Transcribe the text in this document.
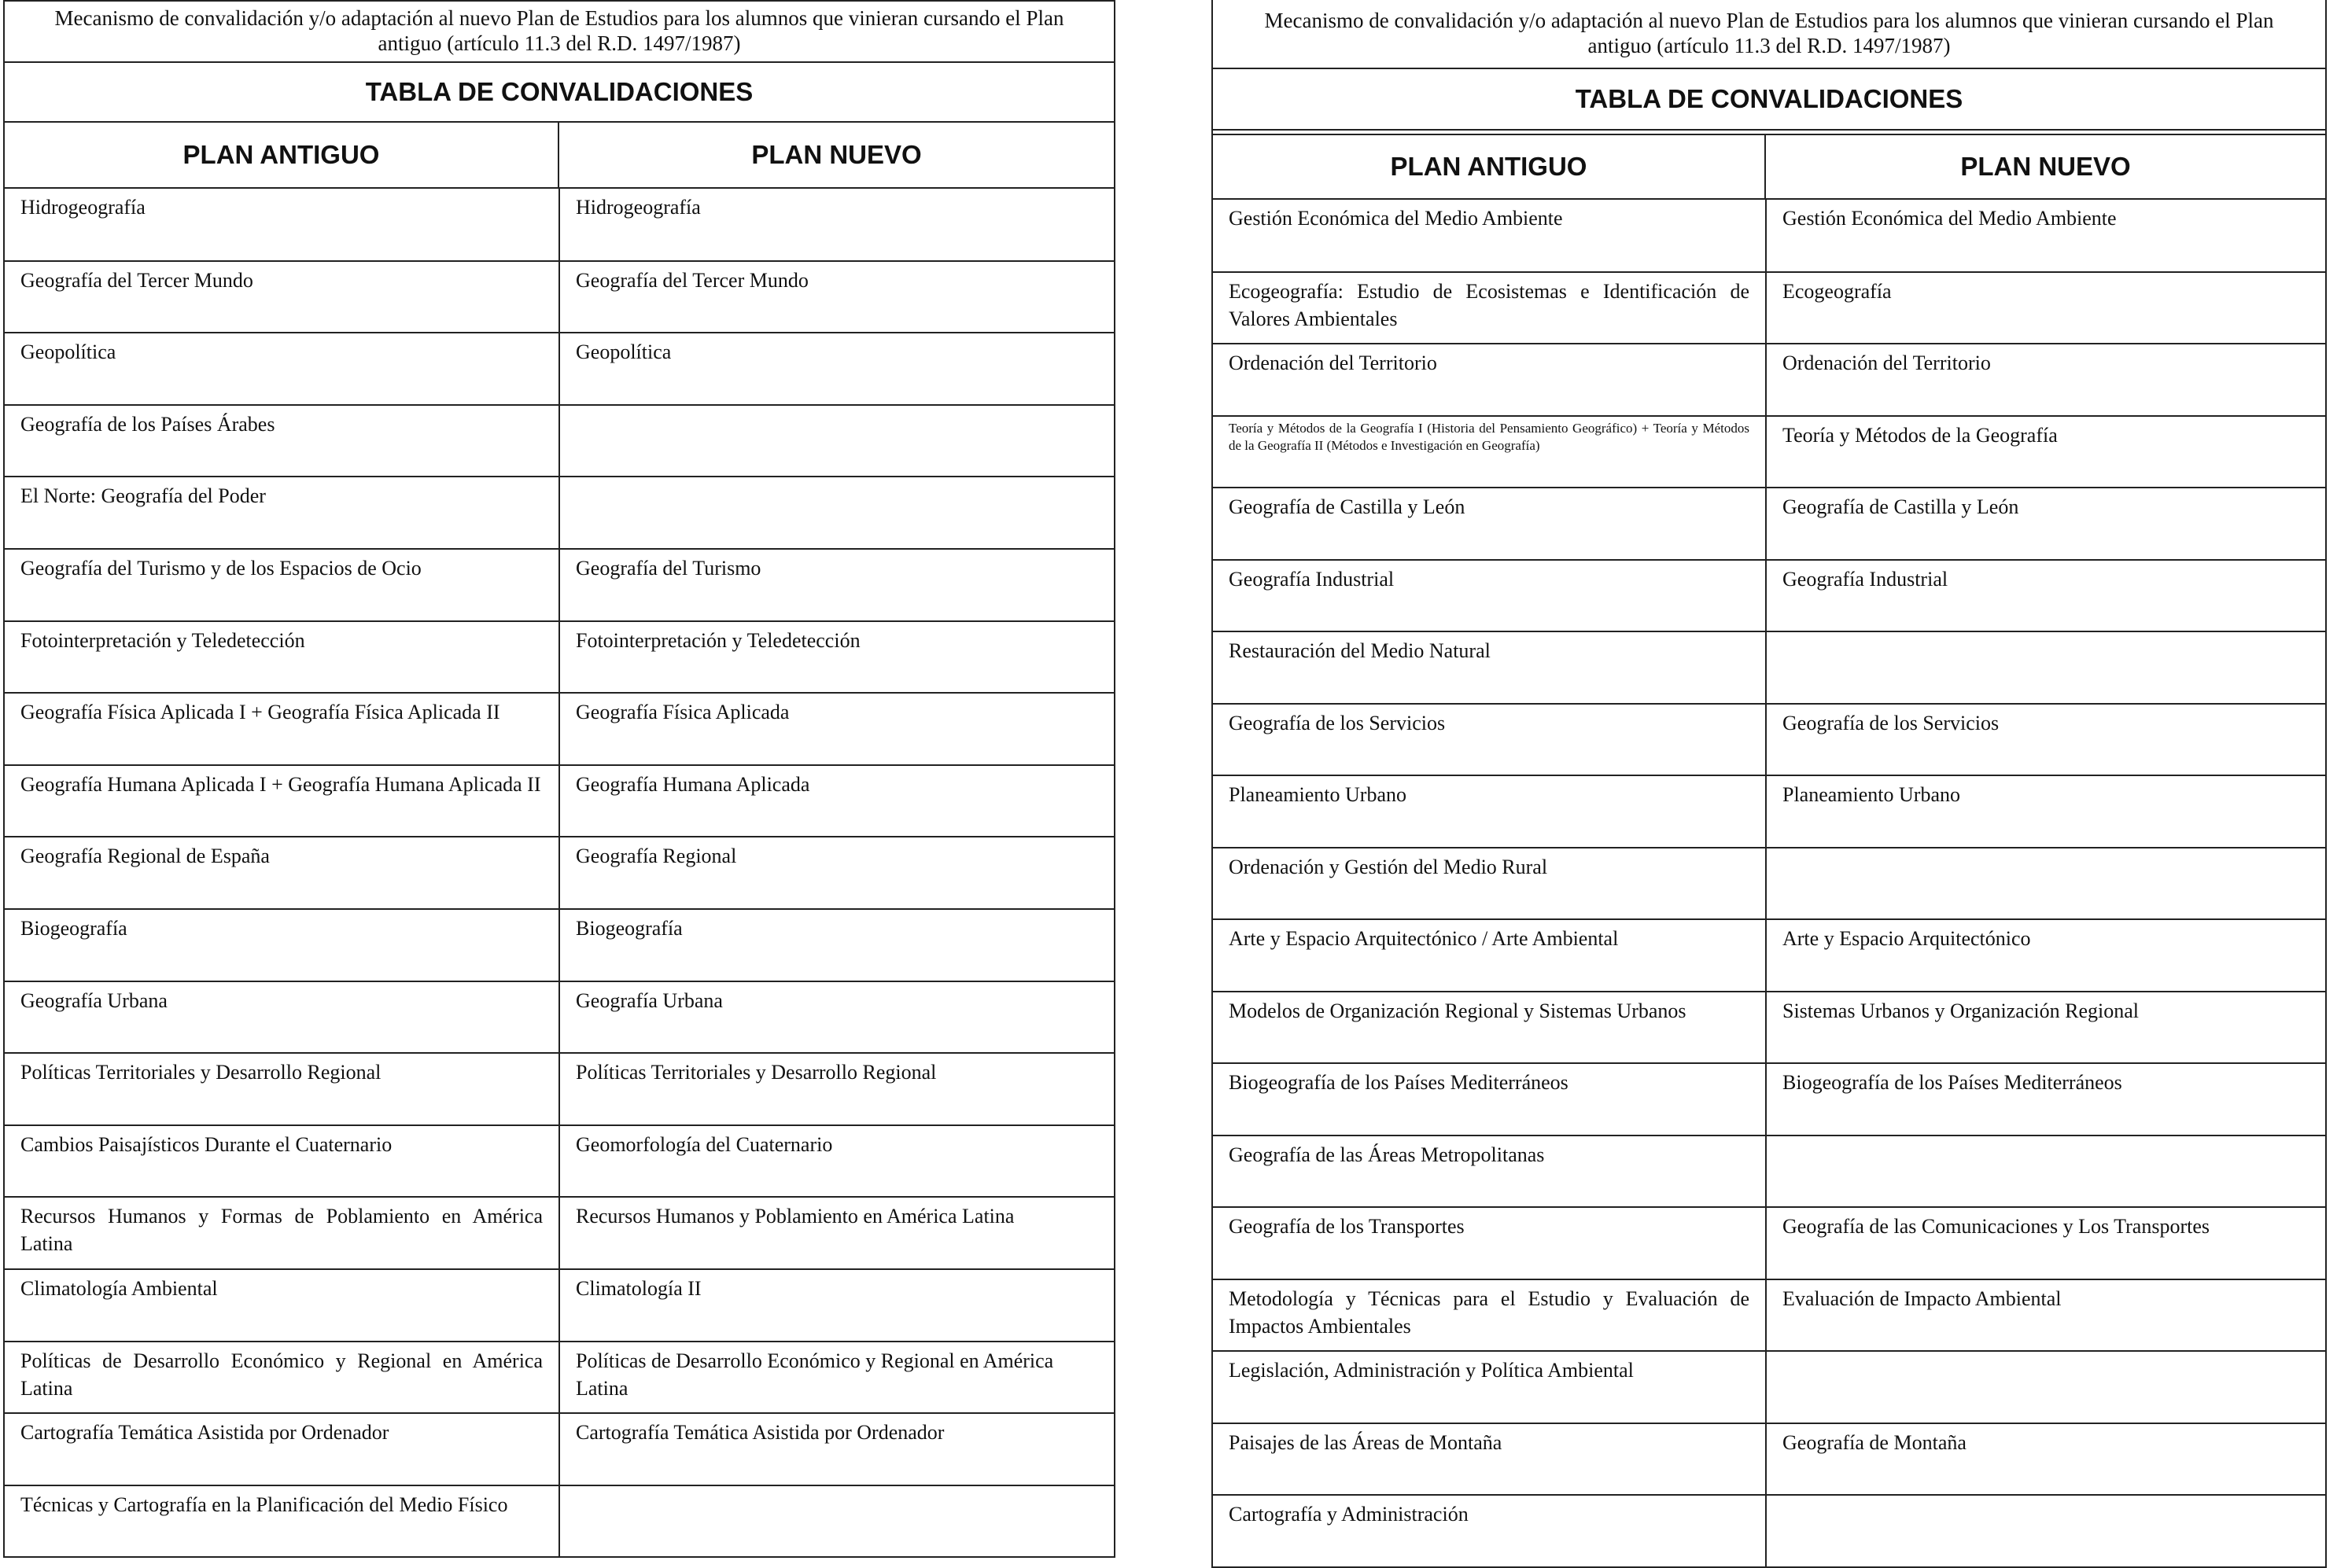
Mecanismo de convalidación y/o adaptación al nuevo Plan de Estudios para los alumnos que vinieran cursando el Plan antiguo (artículo 11.3 del R.D. 1497/1987)
TABLA DE CONVALIDACIONES
PLAN ANTIGUO	PLAN NUEVO
Hidrogeografía	Hidrogeografía
Geografía del Tercer Mundo	Geografía del Tercer Mundo
Geopolítica	Geopolítica
Geografía de los Países Árabes	
El Norte: Geografía del Poder	
Geografía del Turismo y de los Espacios de Ocio	Geografía del Turismo
Fotointerpretación y Teledetección	Fotointerpretación y Teledetección
Geografía Física Aplicada I + Geografía Física Aplicada II	Geografía Física Aplicada
Geografía Humana Aplicada I + Geografía Humana Aplicada II	Geografía Humana Aplicada
Geografía Regional de España	Geografía Regional
Biogeografía	Biogeografía
Geografía Urbana	Geografía Urbana
Políticas Territoriales y Desarrollo Regional	Políticas Territoriales y Desarrollo Regional
Cambios Paisajísticos Durante el Cuaternario	Geomorfología del Cuaternario
Recursos Humanos y Formas de Poblamiento en América Latina	Recursos Humanos y Poblamiento en América Latina
Climatología Ambiental	Climatología II
Políticas de Desarrollo Económico y Regional en América Latina	Políticas de Desarrollo Económico y Regional en América Latina
Cartografía Temática Asistida por Ordenador	Cartografía Temática Asistida por Ordenador
Técnicas y Cartografía en la Planificación del Medio Físico	
Mecanismo de convalidación y/o adaptación al nuevo Plan de Estudios para los alumnos que vinieran cursando el Plan antiguo (artículo 11.3 del R.D. 1497/1987)
TABLA DE CONVALIDACIONES
PLAN ANTIGUO	PLAN NUEVO
Gestión Económica del Medio Ambiente	Gestión Económica del Medio Ambiente
Ecogeografía: Estudio de Ecosistemas e Identificación de Valores Ambientales	Ecogeografía
Ordenación del Territorio	Ordenación del Territorio
Teoría y Métodos de la Geografía I (Historia del Pensamiento Geográfico) + Teoría y Métodos de la Geografía II (Métodos e Investigación en Geografía)	Teoría y Métodos de la Geografía
Geografía de Castilla y León	Geografía de Castilla y León
Geografía Industrial	Geografía Industrial
Restauración del Medio Natural	
Geografía de los Servicios	Geografía de los Servicios
Planeamiento Urbano	Planeamiento Urbano
Ordenación y Gestión del Medio Rural	
Arte y Espacio Arquitectónico / Arte Ambiental	Arte y Espacio Arquitectónico
Modelos de Organización Regional y Sistemas Urbanos	Sistemas Urbanos y Organización Regional
Biogeografía de los Países Mediterráneos	Biogeografía de los Países Mediterráneos
Geografía de las Áreas Metropolitanas	
Geografía de los Transportes	Geografía de las Comunicaciones y Los Transportes
Metodología y Técnicas para el Estudio y Evaluación de Impactos Ambientales	Evaluación de Impacto Ambiental
Legislación, Administración y Política Ambiental	
Paisajes de las Áreas de Montaña	Geografía de Montaña
Cartografía y Administración	
